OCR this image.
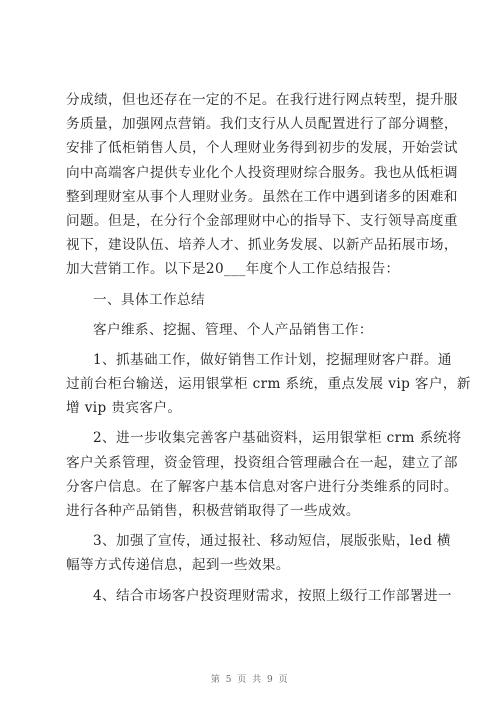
分成绩，但也还存在一定的不足。在我行进行网点转型，提升服
务质量，加强网点营销。我们支行从人员配置进行了部分调整，
安排了低柜销售人员，个人理财业务得到初步的发展，开始尝试
向中高端客户提供专业化个人投资理财综合服务。我也从低柜调
整到理财室从事个人理财业务。虽然在工作中遇到诸多的困难和
问题。但是，在分行个金部理财中心的指导下、支行领导高度重
视下，建设队伍、培养人才、抓业务发展、以新产品拓展市场，
加大营销工作。以下是20___年度个人工作总结报告：
一、具体工作总结
客户维系、挖掘、管理、个人产品销售工作：
1、抓基础工作，做好销售工作计划，挖掘理财客户群。通
过前台柜台输送，运用银掌柜 crm 系统，重点发展 vip 客户，新
增 vip 贵宾客户。
2、进一步收集完善客户基础资料，运用银掌柜 crm 系统将
客户关系管理，资金管理，投资组合管理融合在一起，建立了部
分客户信息。在了解客户基本信息对客户进行分类维系的同时。
进行各种产品销售，积极营销取得了一些成效。
3、加强了宣传，通过报社、移动短信，展版张贴，led 横
幅等方式传递信息，起到一些效果。
4、结合市场客户投资理财需求，按照上级行工作部署进一
第 5 页 共 9 页
